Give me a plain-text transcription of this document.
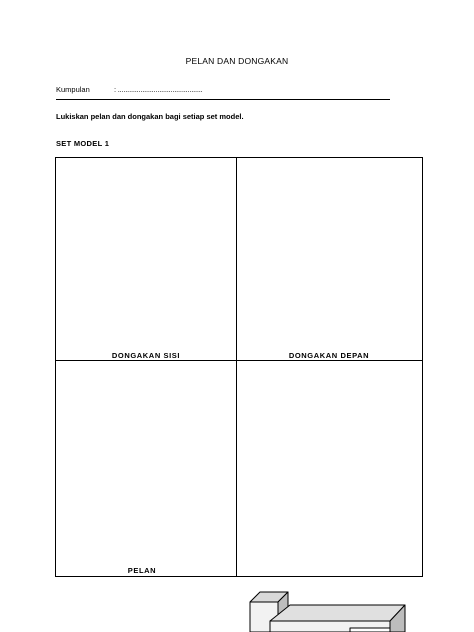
PELAN DAN DONGAKAN
Kumpulan	: .............................................
Lukiskan pelan dan dongakan bagi setiap set model.
SET MODEL 1
DONGAKAN SISI	DONGAKAN DEPAN
PELAN
